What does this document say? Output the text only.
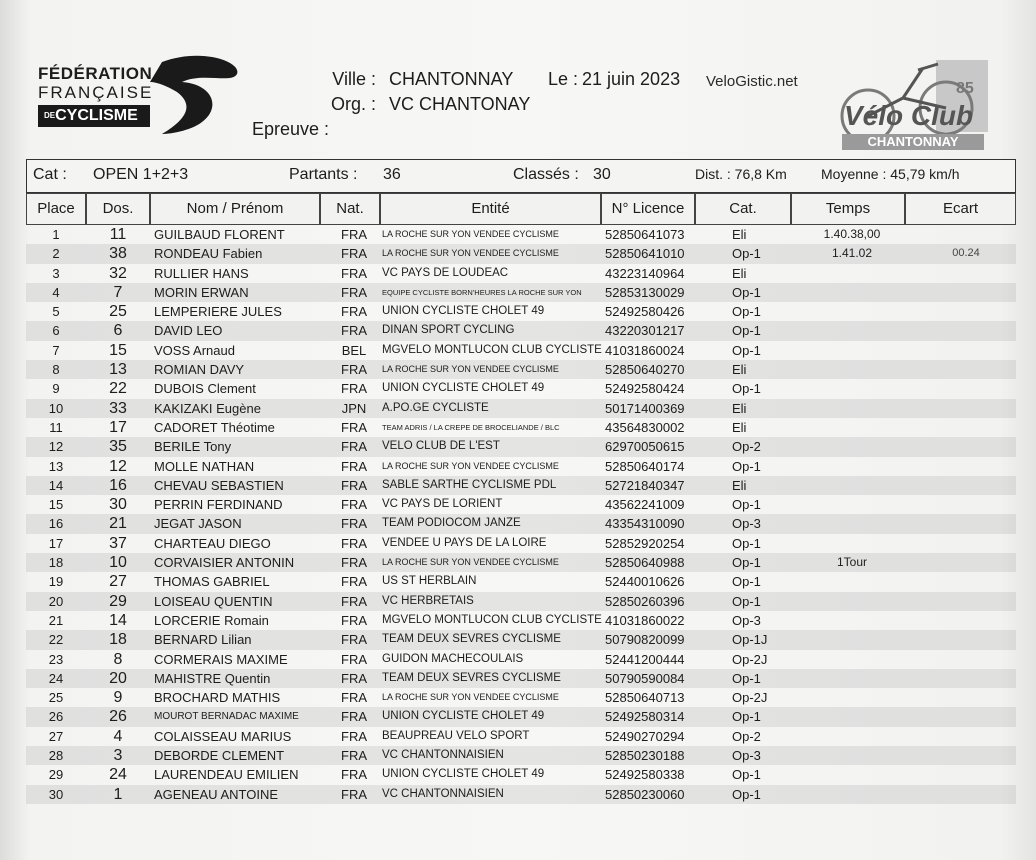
FÉDÉRATION
FRANÇAISE
DECYCLISME
Ville : CHANTONNAY Le : 21 juin 2023 VeloGistic.net
Org. : VC CHANTONAY
Epreuve :
85
Vélo Club
CHANTONNAY
Cat : OPEN 1+2+3	Partants : 36	Classés : 30	Dist. : 76,8 Km Moyenne : 45,79 km/h
Place	Dos.	Nom / Prénom	Nat.	Entité	N° Licence	Cat.	Temps	Ecart
1	11	GUILBAUD FLORENT	FRA	LA ROCHE SUR YON VENDEE CYCLISME	52850641073	Eli	1.40.38,00
2	38	RONDEAU Fabien	FRA	LA ROCHE SUR YON VENDEE CYCLISME	52850641010	Op-1	1.41.02	00.24
3	32	RULLIER HANS	FRA	VC PAYS DE LOUDEAC	43223140964	Eli
4	7	MORIN ERWAN	FRA	EQUIPE CYCLISTE BORN'HEURES LA ROCHE SUR YON	52853130029	Op-1
5	25	LEMPERIERE JULES	FRA	UNION CYCLISTE CHOLET 49	52492580426	Op-1
6	6	DAVID LEO	FRA	DINAN SPORT CYCLING	43220301217	Op-1
7	15	VOSS Arnaud	BEL	MGVELO MONTLUCON CLUB CYCLISTE 41031860024	Op-1
8	13	ROMIAN DAVY	FRA	LA ROCHE SUR YON VENDEE CYCLISME	52850640270	Eli
9	22	DUBOIS Clement	FRA	UNION CYCLISTE CHOLET 49	52492580424	Op-1
10	33	KAKIZAKI Eugène	JPN	A.PO.GE CYCLISTE	50171400369	Eli
11	17	CADORET Théotime	FRA	TEAM ADRIS / LA CREPE DE BROCELIANDE / BLC	43564830002	Eli
12	35	BERILE Tony	FRA	VELO CLUB DE L'EST	62970050615	Op-2
13	12	MOLLE NATHAN	FRA	LA ROCHE SUR YON VENDEE CYCLISME	52850640174	Op-1
14	16	CHEVAU SEBASTIEN	FRA	SABLE SARTHE CYCLISME PDL	52721840347	Eli
15	30	PERRIN FERDINAND	FRA	VC PAYS DE LORIENT	43562241009	Op-1
16	21	JEGAT JASON	FRA	TEAM PODIOCOM JANZE	43354310090	Op-3
17	37	CHARTEAU DIEGO	FRA	VENDEE U PAYS DE LA LOIRE	52852920254	Op-1
18	10	CORVAISIER ANTONIN	FRA	LA ROCHE SUR YON VENDEE CYCLISME	52850640988	Op-1	1Tour
19	27	THOMAS GABRIEL	FRA	US ST HERBLAIN	52440010626	Op-1
20	29	LOISEAU QUENTIN	FRA	VC HERBRETAIS	52850260396	Op-1
21	14	LORCERIE Romain	FRA	MGVELO MONTLUCON CLUB CYCLISTE 41031860022	Op-3
22	18	BERNARD Lilian	FRA	TEAM DEUX SEVRES CYCLISME	50790820099	Op-1J
23	8	CORMERAIS MAXIME	FRA	GUIDON MACHECOULAIS	52441200444	Op-2J
24	20	MAHISTRE Quentin	FRA	TEAM DEUX SEVRES CYCLISME	50790590084	Op-1
25	9	BROCHARD MATHIS	FRA	LA ROCHE SUR YON VENDEE CYCLISME	52850640713	Op-2J
26	26	MOUROT BERNADAC MAXIME	FRA	UNION CYCLISTE CHOLET 49	52492580314	Op-1
27	4	COLAISSEAU MARIUS	FRA	BEAUPREAU VELO SPORT	52490270294	Op-2
28	3	DEBORDE CLEMENT	FRA	VC CHANTONNAISIEN	52850230188	Op-3
29	24	LAURENDEAU EMILIEN	FRA	UNION CYCLISTE CHOLET 49	52492580338	Op-1
30	1	AGENEAU ANTOINE	FRA	VC CHANTONNAISIEN	52850230060	Op-1
